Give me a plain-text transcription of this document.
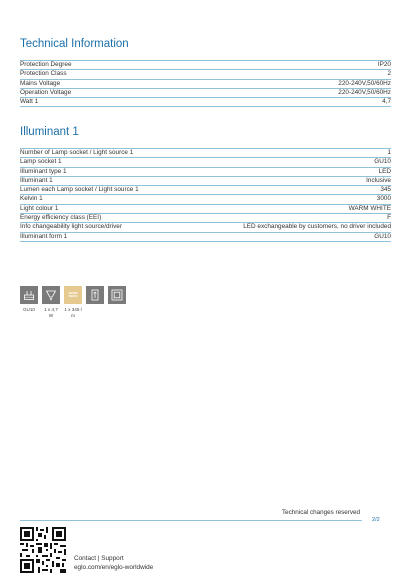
Technical Information
Protection Degree	IP20
Protection Class	2
Mains Voltage	220-240V,50/60Hz
Operation Voltage	220-240V,50/60Hz
Watt 1	4,7
Illuminant 1
Number of Lamp socket / Light source 1	1
Lamp socket 1	GU10
Illuminant type 1	LED
Illuminant 1	Inclusive
Lumen each Lamp socket / Light source 1	345
Kelvin 1	3000
Light colour 1	WARM WHITE
Energy efficiency class (EEI)	F
Info changeability light source/driver	LED exchangeable by customers, no driver included
Illuminant form 1	GU10
GU10 1 x 4,7
W
WARM
WHITE
1 x 345 l
m
Technical changes reserved
2/2
Contact | Support
eglo.com/en/eglo-worldwide
